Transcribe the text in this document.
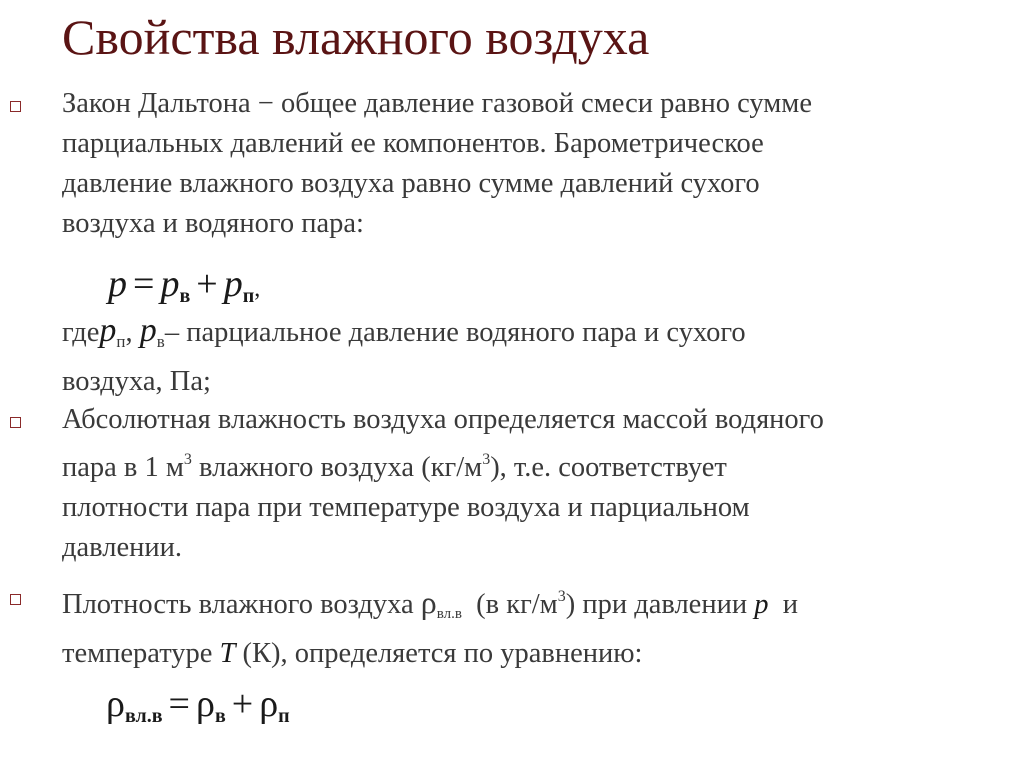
Свойства влажного воздуха
Закон Дальтона − общее давление газовой смеси равно сумме
парциальных давлений ее компонентов. Барометрическое
давление влажного воздуха равно сумме давлений сухого
воздуха и водяного пара:
$p = p_в + p_п$,
гдеp$_п$, $p_в-$ парциальное давление водяного пара и сухого
воздуха, Па;
Абсолютная влажность воздуха определяется массой водяного
пара в 1 $м^3$ влажного воздуха $(кг/м^3)$, т.е. соответствует
плотности пара при температуре воздуха и парциальном
давлении.
Плотность влажного воздуха ρвл.в  (в $кг/м^3$) при давлении p  и
температуре T (К), определяется по уравнению:
$\rho_{вл.в} = \rho_в + \rho_п$
